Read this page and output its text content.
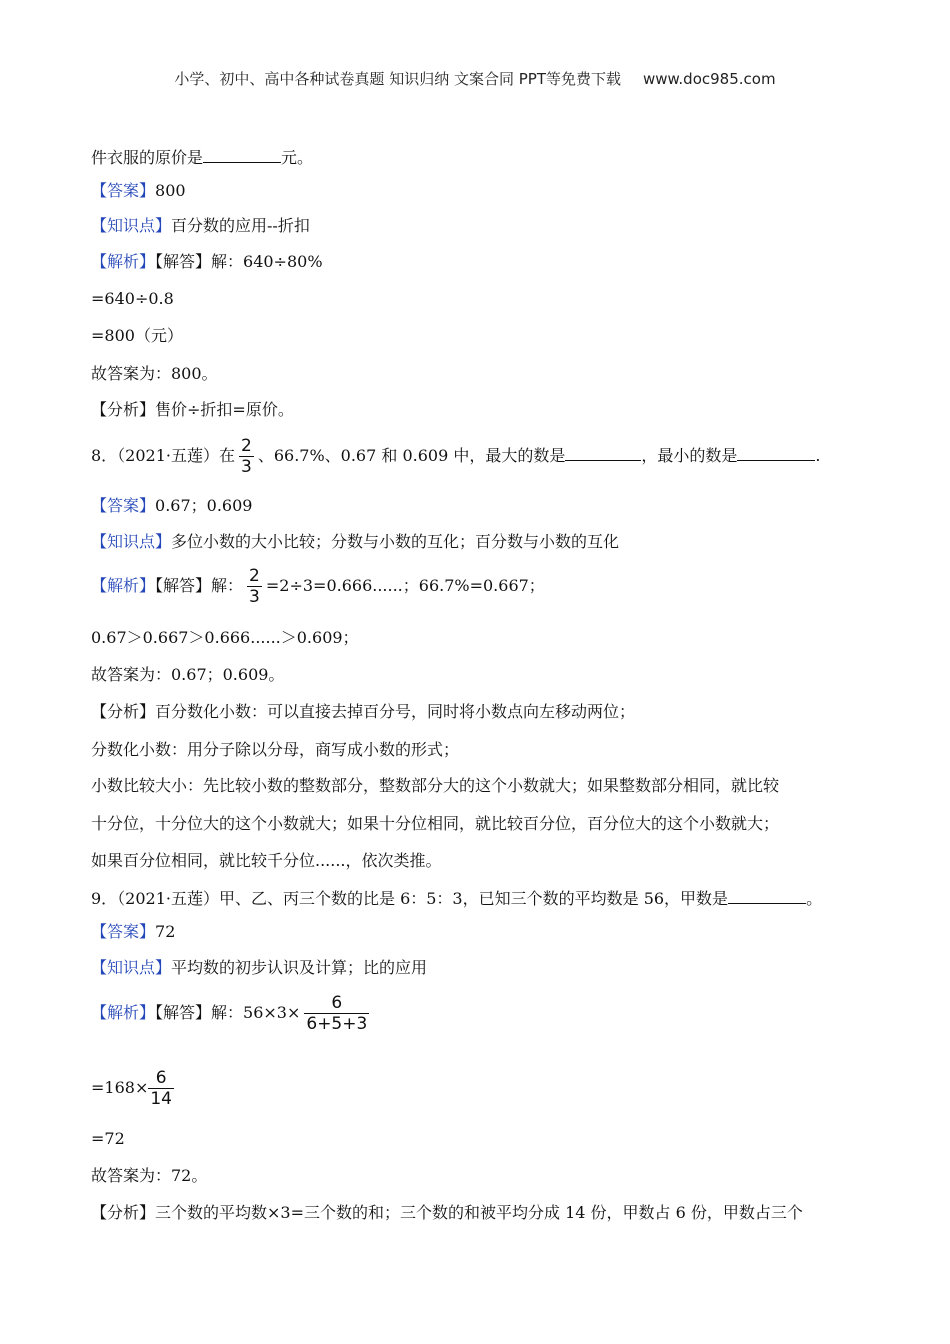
小学、初中、高中各种试卷真题 知识归纳 文案合同 PPT等免费下载 www.doc985.com
件衣服的原价是	元。
【答案】800
【知识点】百分数的应用--折扣
【解析】【解答】解：640÷80%
=640÷0.8
=800（元）
故答案为：800。
【分析】售价÷折扣=原价。
8．（2021·五莲）在 $\frac{2}{3}$ 、66.7%、0.67 和 0.609 中，最大的数是	，最小的数是	.
【答案】0.67；0.609
【知识点】多位小数的大小比较；分数与小数的互化；百分数与小数的互化
【解析】【解答】解： $\frac{2}{3} =2\div 3=0.666$......；66.7%=0.667；
0.67＞0.667＞0.666......＞0.609；
故答案为：0.67；0.609。
【分析】百分数化小数：可以直接去掉百分号，同时将小数点向左移动两位；
分数化小数：用分子除以分母，商写成小数的形式；
小数比较大小：先比较小数的整数部分，整数部分大的这个小数就大；如果整数部分相同，就比较
十分位，十分位大的这个小数就大；如果十分位相同，就比较百分位，百分位大的这个小数就大；
如果百分位相同，就比较千分位......，依次类推。
9．（2021·五莲）甲、乙、丙三个数的比是 6：5：3，已知三个数的平均数是 56，甲数是	。
【答案】72
【知识点】平均数的初步认识及计算；比的应用
【解析】【解答】解：$56\times 3\times \frac{6}{6+5+3}$
$=168\times \frac{6}{14}$
=72
故答案为：72。
【分析】三个数的平均数×3=三个数的和；三个数的和被平均分成 14 份，甲数占 6 份，甲数占三个
